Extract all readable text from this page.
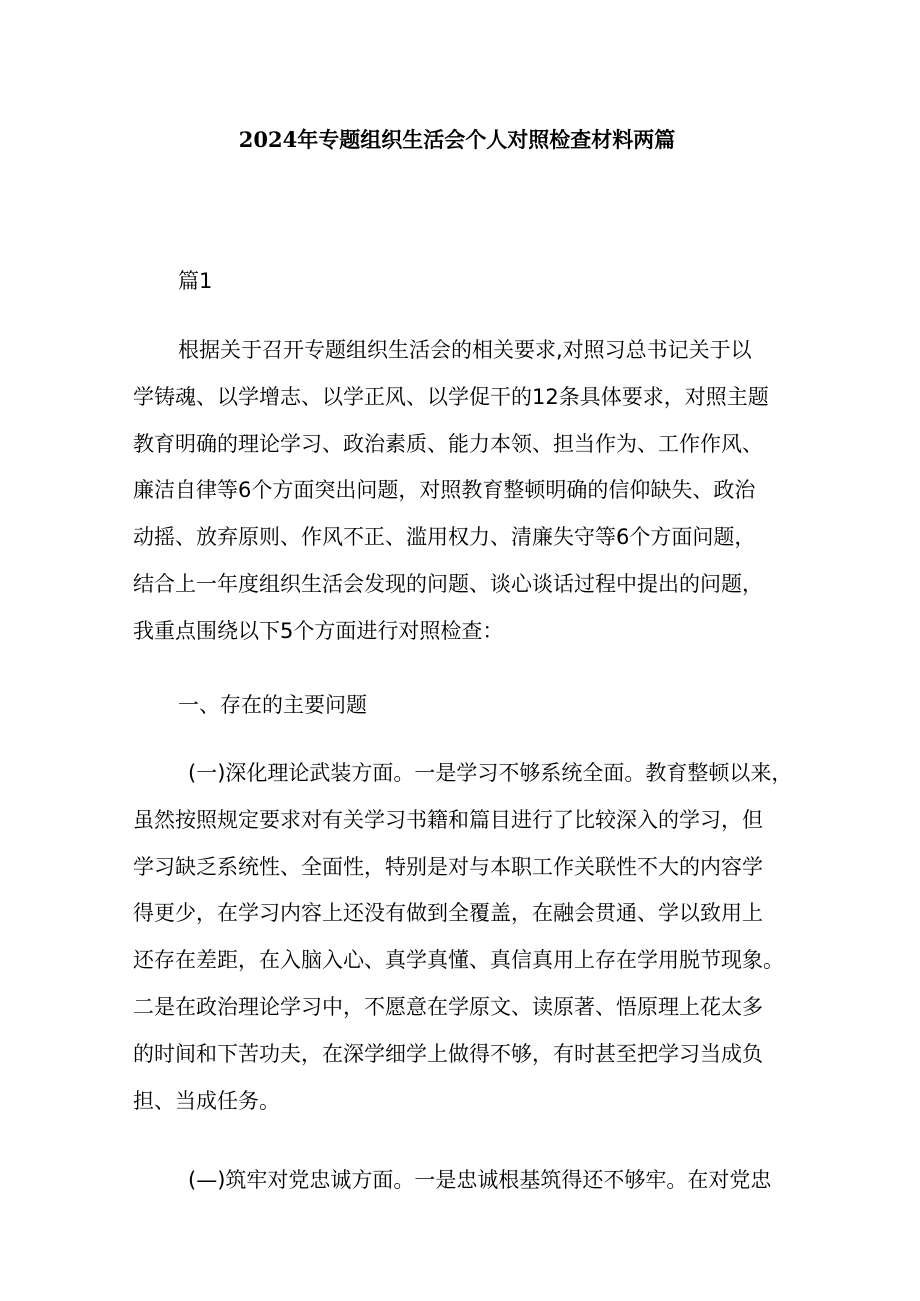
2024年专题组织生活会个人对照检查材料两篇
篇1
根据关于召开专题组织生活会的相关要求,对照习总书记关于以
学铸魂、以学增志、以学正风、以学促干的12条具体要求，对照主题
教育明确的理论学习、政治素质、能力本领、担当作为、工作作风、
廉洁自律等6个方面突出问题，对照教育整顿明确的信仰缺失、政治
动摇、放弃原则、作风不正、滥用权力、清廉失守等6个方面问题，
结合上一年度组织生活会发现的问题、谈心谈话过程中提出的问题，
我重点围绕以下5个方面进行对照检查：
一、存在的主要问题
(一)深化理论武装方面。一是学习不够系统全面。教育整顿以来，
虽然按照规定要求对有关学习书籍和篇目进行了比较深入的学习，但
学习缺乏系统性、全面性，特别是对与本职工作关联性不大的内容学
得更少，在学习内容上还没有做到全覆盖，在融会贯通、学以致用上
还存在差距，在入脑入心、真学真懂、真信真用上存在学用脱节现象。
二是在政治理论学习中，不愿意在学原文、读原著、悟原理上花太多
的时间和下苦功夫，在深学细学上做得不够，有时甚至把学习当成负
担、当成任务。
(—)筑牢对党忠诚方面。一是忠诚根基筑得还不够牢。在对党忠
